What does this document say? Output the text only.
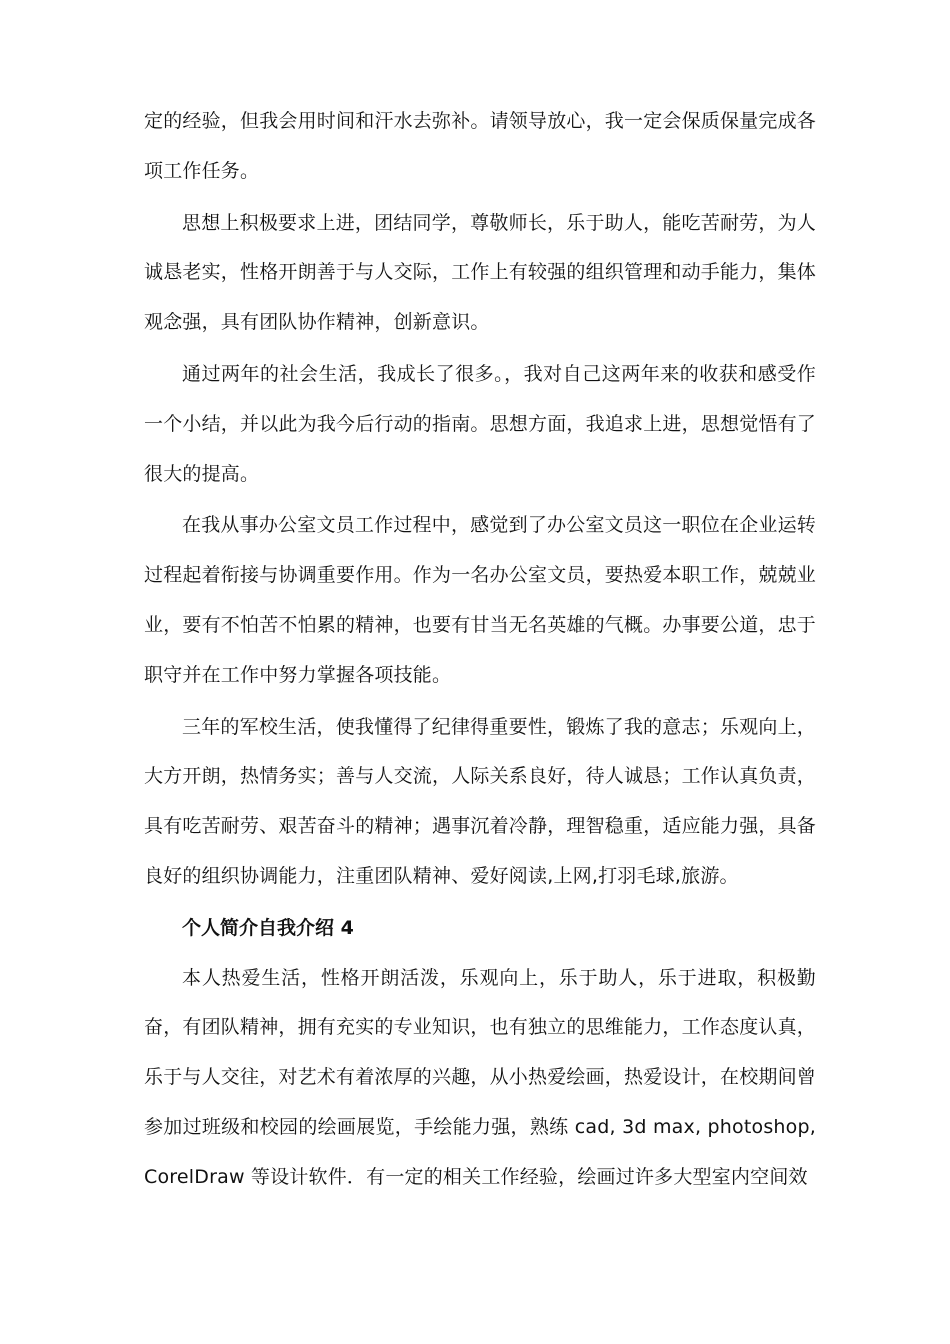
定的经验，但我会用时间和汗水去弥补。请领导放心，我一定会保质保量完成各项工作任务。

思想上积极要求上进，团结同学，尊敬师长，乐于助人，能吃苦耐劳，为人诚恳老实，性格开朗善于与人交际，工作上有较强的组织管理和动手能力，集体观念强，具有团队协作精神，创新意识。

通过两年的社会生活，我成长了很多。，我对自己这两年来的收获和感受作一个小结，并以此为我今后行动的指南。思想方面，我追求上进，思想觉悟有了很大的提高。

在我从事办公室文员工作过程中，感觉到了办公室文员这一职位在企业运转过程起着衔接与协调重要作用。作为一名办公室文员，要热爱本职工作，兢兢业业，要有不怕苦不怕累的精神，也要有甘当无名英雄的气概。办事要公道，忠于职守并在工作中努力掌握各项技能。

三年的军校生活，使我懂得了纪律得重要性，锻炼了我的意志；乐观向上，大方开朗，热情务实；善与人交流，人际关系良好，待人诚恳；工作认真负责，具有吃苦耐劳、艰苦奋斗的精神；遇事沉着冷静，理智稳重，适应能力强，具备良好的组织协调能力，注重团队精神、爱好阅读,上网,打羽毛球,旅游。

个人简介自我介绍 4

本人热爱生活，性格开朗活泼，乐观向上，乐于助人，乐于进取，积极勤奋，有团队精神，拥有充实的专业知识，也有独立的思维能力，工作态度认真，乐于与人交往，对艺术有着浓厚的兴趣，从小热爱绘画，热爱设计，在校期间曾参加过班级和校园的绘画展览，手绘能力强，熟练 cad, 3d max, photoshop, CorelDraw 等设计软件．有一定的相关工作经验，绘画过许多大型室内空间效
